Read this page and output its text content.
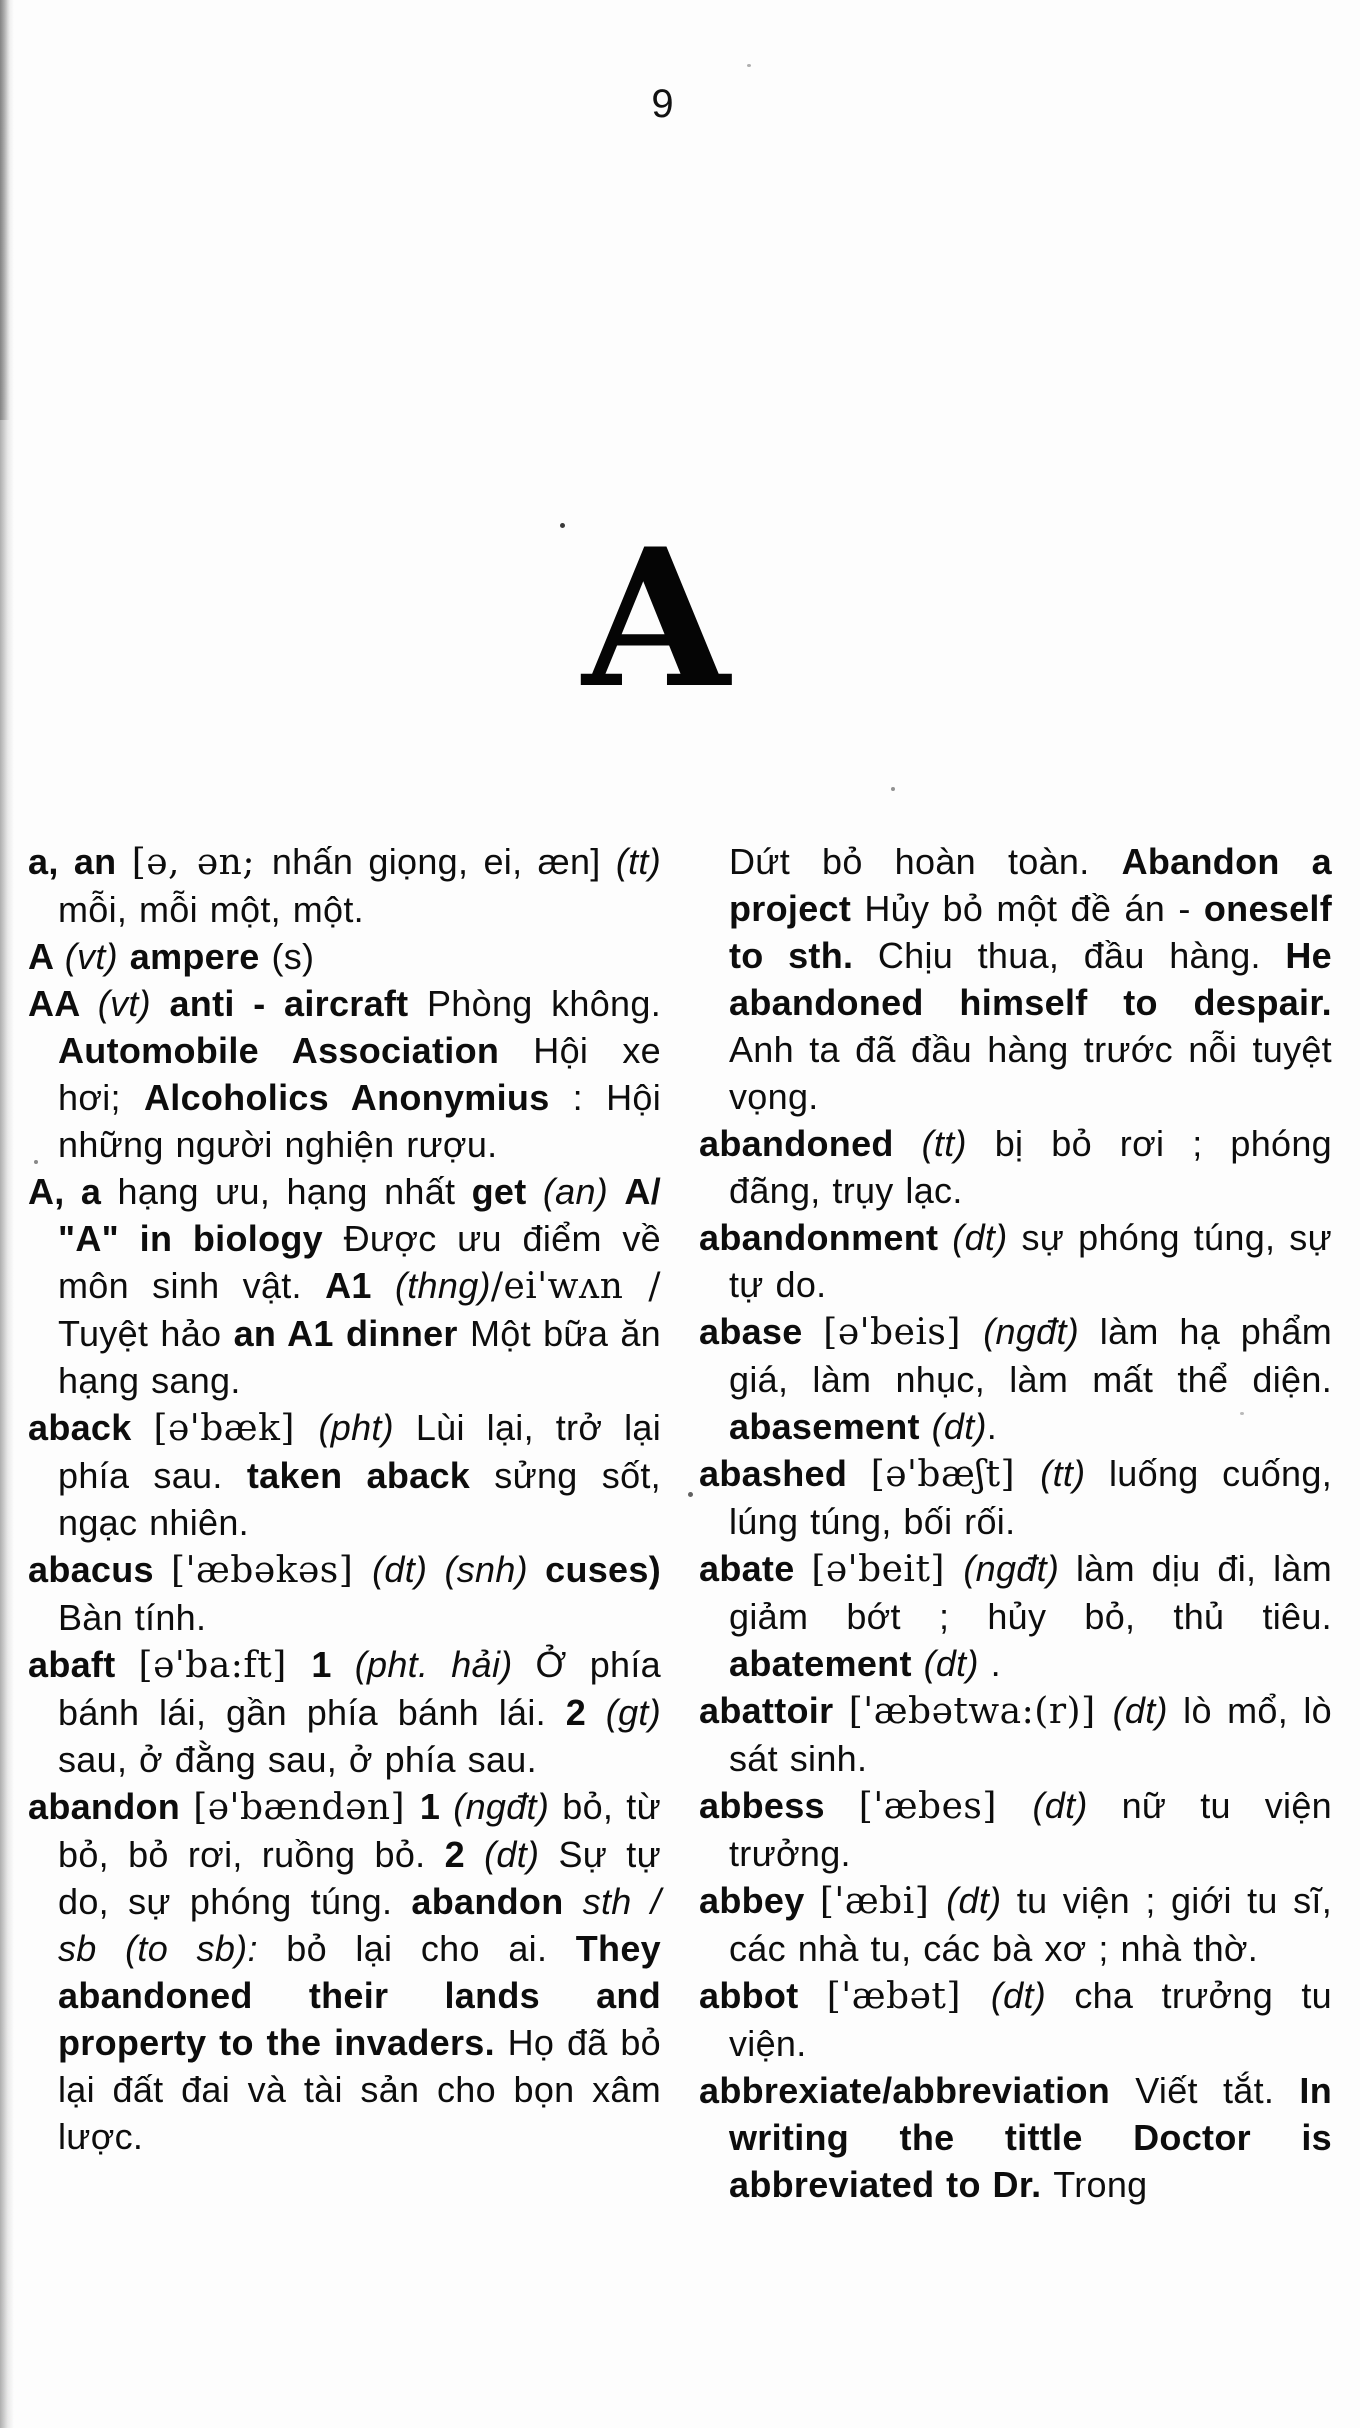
9
A

a, an [ə, ən; nhấn giọng, ei, æn] (tt) mỗi, mỗi một, một.

A (vt) ampere (s)

AA (vt) anti - aircraft Phòng không. Automobile Association Hội xe hơi; Alcoholics Anonymius : Hội những người nghiện rượu.

A, a hạng ưu, hạng nhất get (an) A/ "A" in biology Được ưu điểm về môn sinh vật. A1 (thng)/ei'wʌn / Tuyệt hảo an A1 dinner Một bữa ăn hạng sang.

aback [ə'bæk] (pht) Lùi lại, trở lại phía sau. taken aback sửng sốt, ngạc nhiên.

abacus ['æbəkəs] (dt) (snh) cuses) Bàn tính.

abaft [ə'ba:ft] 1 (pht. hải) Ở phía bánh lái, gần phía bánh lái. 2 (gt) sau, ở đằng sau, ở phía sau.

abandon [ə'bændən] 1 (ngđt) bỏ, từ bỏ, bỏ rơi, ruồng bỏ. 2 (dt) Sự tự do, sự phóng túng. abandon sth / sb (to sb): bỏ lại cho ai. They abandoned their lands and property to the invaders. Họ đã bỏ lại đất đai và tài sản cho bọn xâm lược.

Dứt bỏ hoàn toàn. Abandon a project Hủy bỏ một đề án - oneself to sth. Chịu thua, đầu hàng. He abandoned himself to despair. Anh ta đã đầu hàng trước nỗi tuyệt vọng.

abandoned (tt) bị bỏ rơi ; phóng đãng, trụy lạc.

abandonment (dt) sự phóng túng, sự tự do.

abase [ə'beis] (ngđt) làm hạ phẩm giá, làm nhục, làm mất thể diện. abasement (dt).

abashed [ə'bæʃt] (tt) luống cuống, lúng túng, bối rối.

abate [ə'beit] (ngđt) làm dịu đi, làm giảm bớt ; hủy bỏ, thủ tiêu. abatement (dt) .

abattoir ['æbətwa:(r)] (dt) lò mổ, lò sát sinh.

abbess ['æbes] (dt) nữ tu viện trưởng.

abbey ['æbi] (dt) tu viện ; giới tu sĩ, các nhà tu, các bà xơ ; nhà thờ.

abbot ['æbət] (dt) cha trưởng tu viện.

abbrexiate/abbreviation Viết tắt. In writing the tittle Doctor is abbreviated to Dr. Trong
